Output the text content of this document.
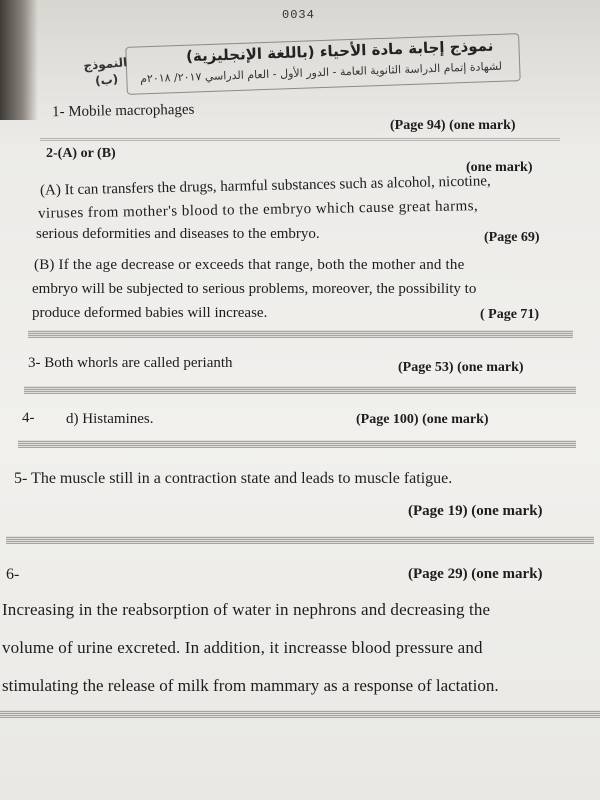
0034
نموذج إجابة مادة الأحياء (باللغة الإنجليزية)
لشهادة إتمام الدراسة الثانوية العامة - الدور الأول - العام الدراسي ٢٠١٧/ ٢٠١٨م
النموذج
(ب)
1- Mobile macrophages
(Page 94) (one mark)
2-(A) or (B)
(one mark)
(A) It can transfers the drugs, harmful substances such as alcohol, nicotine,
viruses from mother's blood to the embryo which cause great harms,
serious deformities and diseases to the embryo.	(Page 69)
(B) If the age decrease or exceeds that range, both the mother and the
embryo will be subjected to serious problems, moreover, the possibility to
produce deformed babies will increase.	( Page 71)
3- Both whorls are called perianth	(Page 53) (one mark)
4- d) Histamines.	(Page 100) (one mark)
5- The muscle still in a contraction state and leads to muscle fatigue.
(Page 19) (one mark)
6-	(Page 29) (one mark)
Increasing in the reabsorption of water in nephrons and decreasing the
volume of urine excreted. In addition, it increasse blood pressure and
stimulating the release of milk from mammary as a response of lactation.
